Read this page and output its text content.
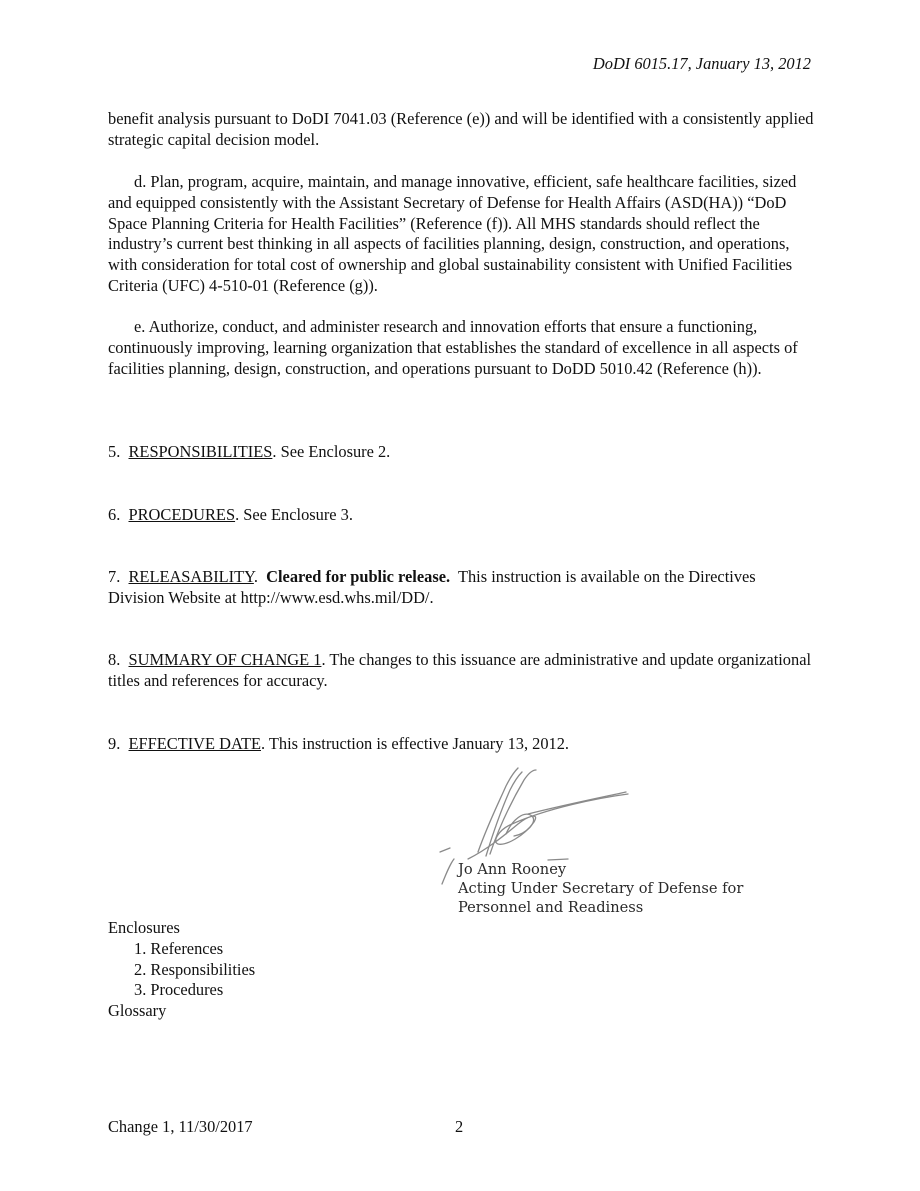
DoDI 6015.17, January 13, 2012

benefit analysis pursuant to DoDI 7041.03 (Reference (e)) and will be identified with a consistently applied strategic capital decision model.

d. Plan, program, acquire, maintain, and manage innovative, efficient, safe healthcare facilities, sized and equipped consistently with the Assistant Secretary of Defense for Health Affairs (ASD(HA)) “DoD Space Planning Criteria for Health Facilities” (Reference (f)). All MHS standards should reflect the industry’s current best thinking in all aspects of facilities planning, design, construction, and operations, with consideration for total cost of ownership and global sustainability consistent with Unified Facilities Criteria (UFC) 4-510-01 (Reference (g)).

e. Authorize, conduct, and administer research and innovation efforts that ensure a functioning, continuously improving, learning organization that establishes the standard of excellence in all aspects of facilities planning, design, construction, and operations pursuant to DoDD 5010.42 (Reference (h)).

5. RESPONSIBILITIES. See Enclosure 2.

6. PROCEDURES. See Enclosure 3.

7. RELEASABILITY.  Cleared for public release.  This instruction is available on the Directives Division Website at http://www.esd.whs.mil/DD/.

8. SUMMARY OF CHANGE 1. The changes to this issuance are administrative and update organizational titles and references for accuracy.

9. EFFECTIVE DATE. This instruction is effective January 13, 2012.

Jo Ann Rooney
Acting Under Secretary of Defense for
Personnel and Readiness
Enclosures
1. References
2. Responsibilities
3. Procedures
Glossary
Change 1, 11/30/2017	2
